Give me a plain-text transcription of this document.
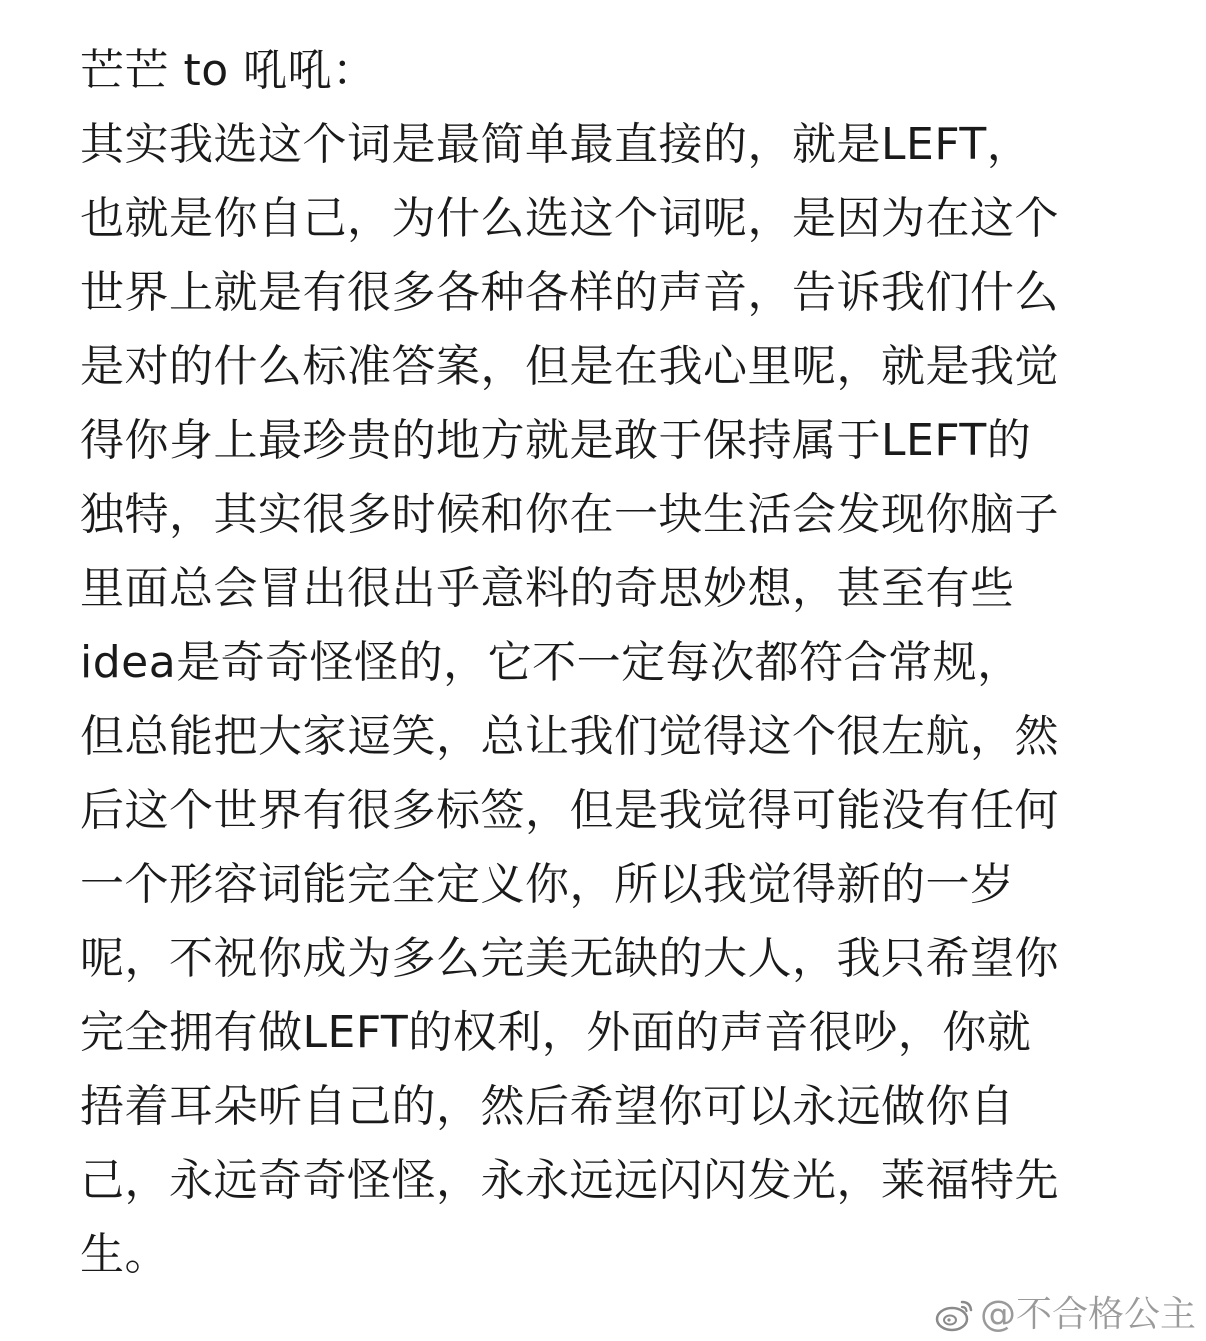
芒芒 to 吼吼：
其实我选这个词是最简单最直接的，就是LEFT，
也就是你自己，为什么选这个词呢，是因为在这个
世界上就是有很多各种各样的声音，告诉我们什么
是对的什么标准答案，但是在我心里呢，就是我觉
得你身上最珍贵的地方就是敢于保持属于LEFT的
独特，其实很多时候和你在一块生活会发现你脑子
里面总会冒出很出乎意料的奇思妙想，甚至有些
idea是奇奇怪怪的，它不一定每次都符合常规，
但总能把大家逗笑，总让我们觉得这个很左航，然
后这个世界有很多标签，但是我觉得可能没有任何
一个形容词能完全定义你，所以我觉得新的一岁
呢，不祝你成为多么完美无缺的大人，我只希望你
完全拥有做LEFT的权利，外面的声音很吵，你就
捂着耳朵听自己的，然后希望你可以永远做你自
己，永远奇奇怪怪，永永远远闪闪发光，莱福特先
生。
@不合格公主
